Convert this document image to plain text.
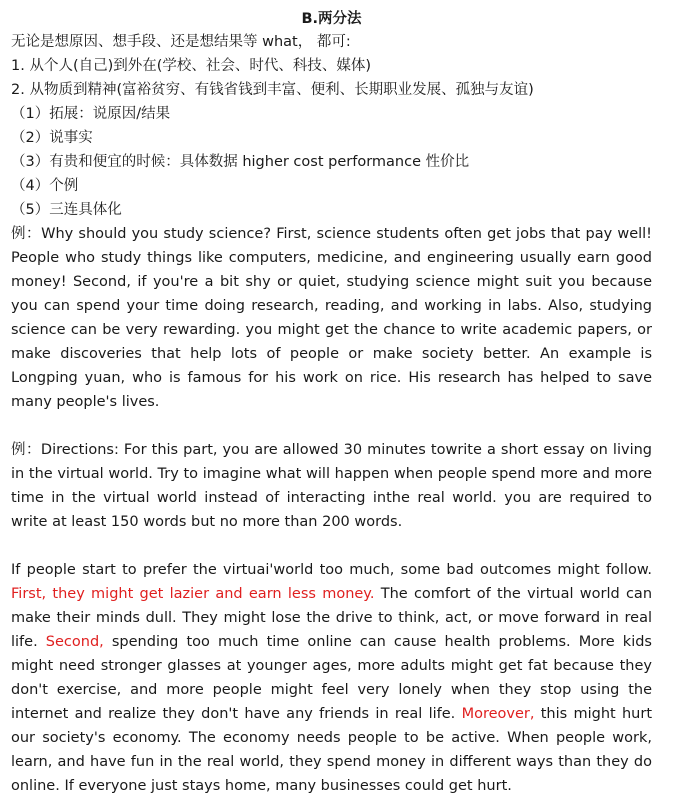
B.两分法

无论是想原因、想手段、还是想结果等 what， 都可:

1. 从个人(自己)到外在(学校、社会、时代、科技、媒体)

2. 从物质到精神(富裕贫穷、有钱省钱到丰富、便利、长期职业发展、孤独与友谊)

（1）拓展：说原因/结果

（2）说事实

（3）有贵和便宜的时候：具体数据 higher cost performance 性价比

（4）个例

（5）三连具体化

例：Why should you study science? First, science students often get jobs that pay well! People who study things like computers, medicine, and engineering usually earn good money! Second, if you're a bit shy or quiet, studying science might suit you because you can spend your time doing research, reading, and working in labs. Also, studying science can be very rewarding. you might get the chance to write academic papers, or make discoveries that help lots of people or make society better. An example is Longping yuan, who is famous for his work on rice. His research has helped to save many people's lives.

例：Directions: For this part, you are allowed 30 minutes towrite a short essay on living in the virtual world. Try to imagine what will happen when people spend more and more time in the virtual world instead of interacting inthe real world. you are required to write at least 150 words but no more than 200 words.

If people start to prefer the virtuai'world too much, some bad outcomes might follow. First, they might get lazier and earn less money. The comfort of the virtual world can make their minds dull. They might lose the drive to think, act, or move forward in real life. Second, spending too much time online can cause health problems. More kids might need stronger glasses at younger ages, more adults might get fat because they don't exercise, and more people might feel very lonely when they stop using the internet and realize they don't have any friends in real life. Moreover, this might hurt our society's economy. The economy needs people to be active. When people work, learn, and have fun in the real world, they spend money in different ways than they do online. If everyone just stays home, many businesses could get hurt.
